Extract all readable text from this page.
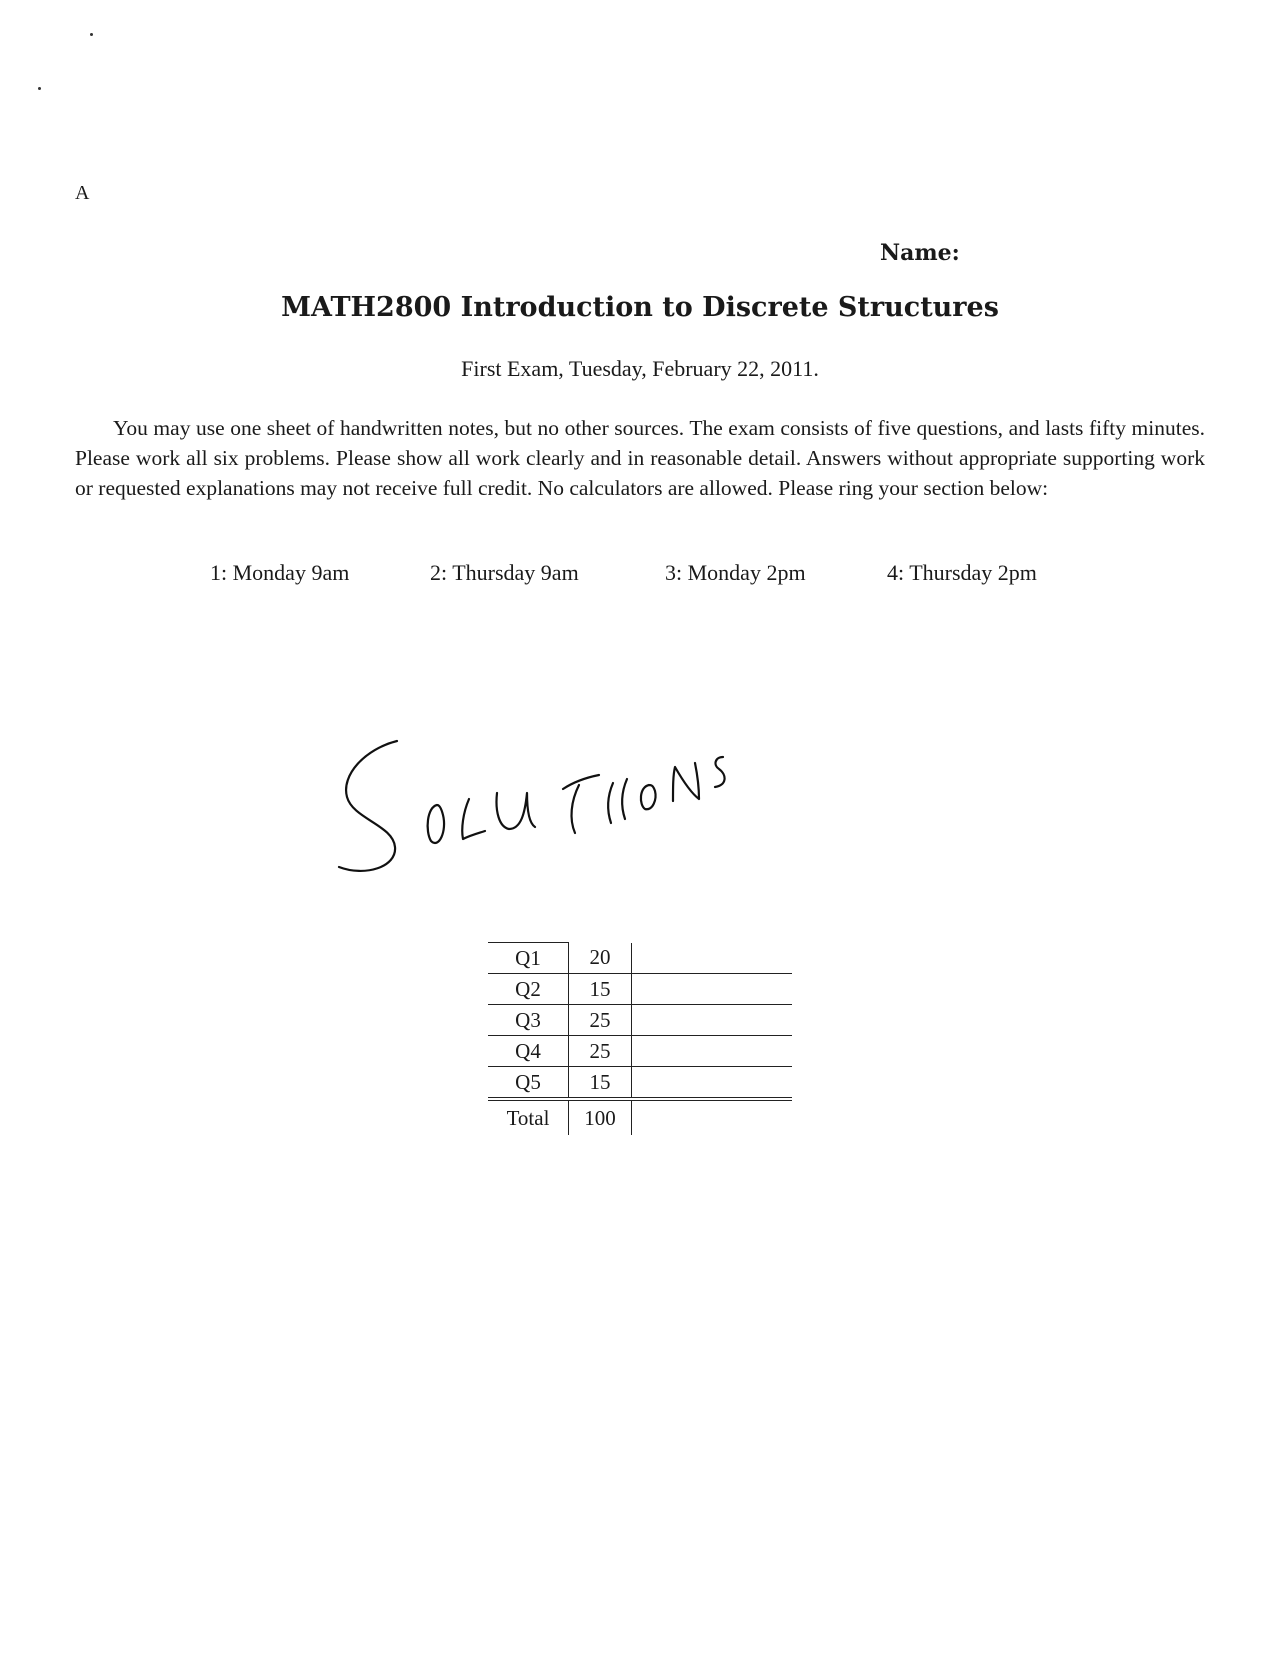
A
Name:
MATH2800 Introduction to Discrete Structures
First Exam, Tuesday, February 22, 2011.
You may use one sheet of handwritten notes, but no other sources. The exam consists of five questions, and lasts fifty minutes. Please work all six problems. Please show all work clearly and in reasonable detail. Answers without appropriate supporting work or requested explanations may not receive full credit. No calculators are allowed. Please ring your section below:
1: Monday 9am	2: Thursday 9am	3: Monday 2pm	4: Thursday 2pm
Q1	20	
Q2	15	
Q3	25	
Q4	25	
Q5	15	
Total	100	
